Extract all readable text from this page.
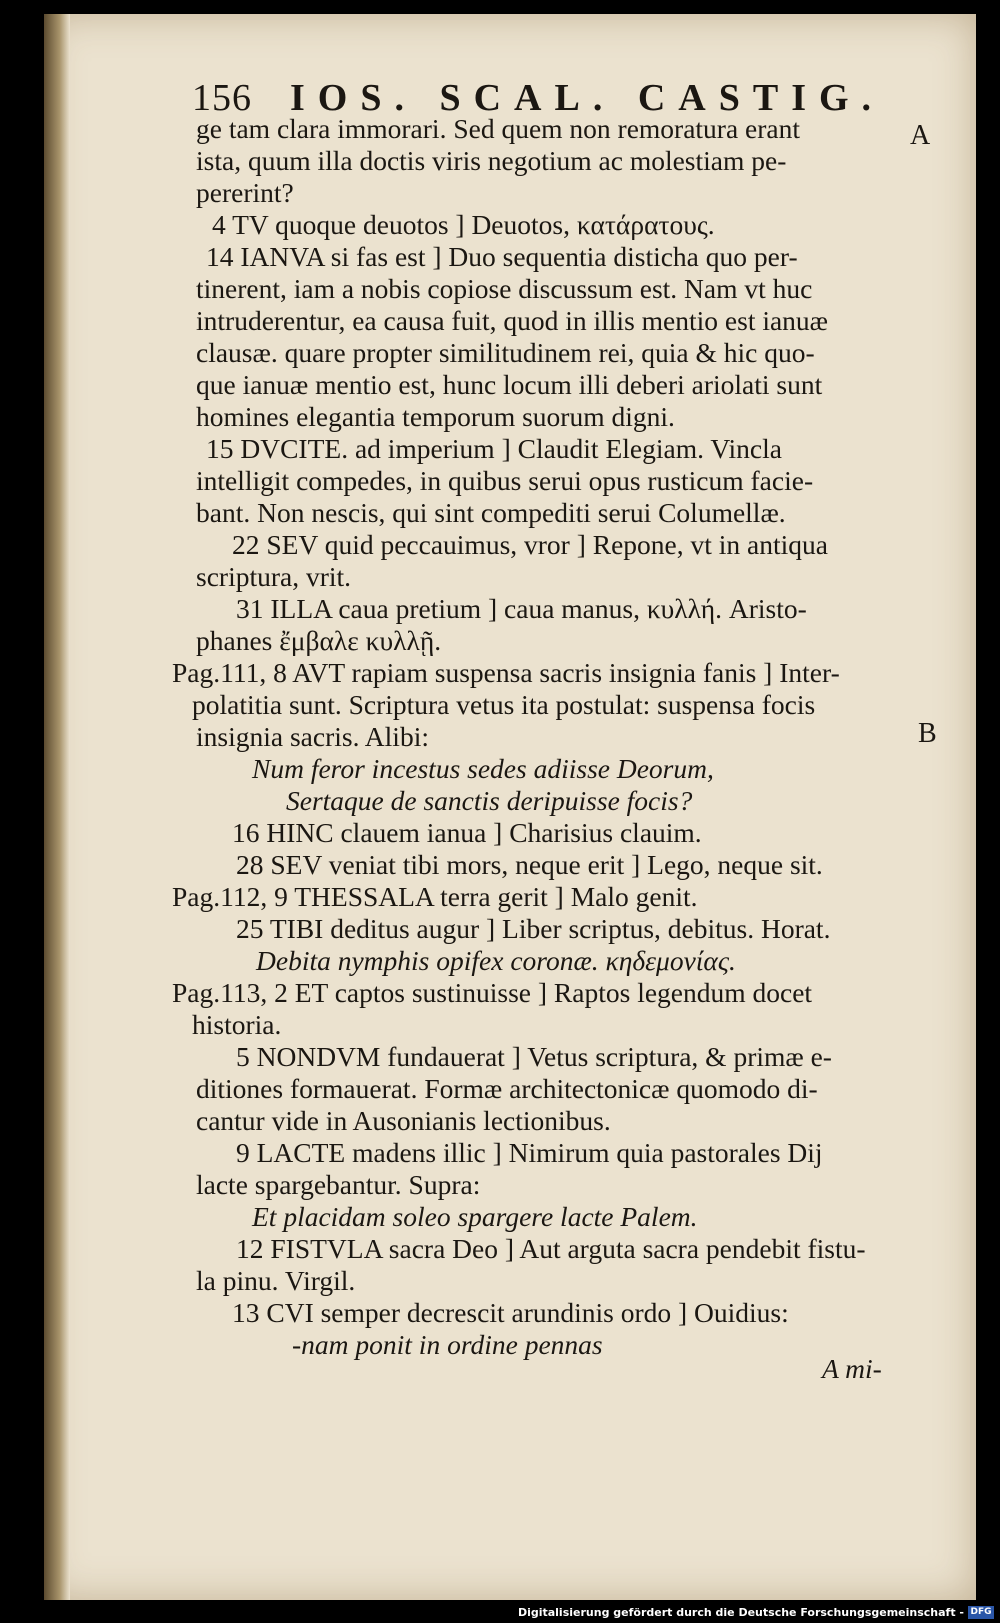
156 IOS. SCAL. CASTIG.
A
B
ge tam clara immorari. Sed quem non remoratura erant
ista, quum illa doctis viris negotium ac molestiam pe-
pererint?
4 TV quoque deuotos ] Deuotos, κατάρατους.
14 IANVA si fas est ] Duo sequentia disticha quo per-
tinerent, iam a nobis copiose discussum est. Nam vt huc
intruderentur, ea causa fuit, quod in illis mentio est ianuæ
clausæ. quare propter similitudinem rei, quia & hic quo-
que ianuæ mentio est, hunc locum illi deberi ariolati sunt
homines elegantia temporum suorum digni.
15 DVCITE. ad imperium ] Claudit Elegiam. Vincla
intelligit compedes, in quibus serui opus rusticum facie-
bant. Non nescis, qui sint compediti serui Columellæ.
22 SEV quid peccauimus, vror ] Repone, vt in antiqua
scriptura, vrit.
31 ILLA caua pretium ] caua manus, κυλλή. Aristo-
phanes ἔμβαλε κυλλῇ.
Pag.111, 8 AVT rapiam suspensa sacris insignia fanis ] Inter-
polatitia sunt. Scriptura vetus ita postulat: suspensa focis
insignia sacris. Alibi:
Num feror incestus sedes adiisse Deorum,
Sertaque de sanctis deripuisse focis?
16 HINC clauem ianua ] Charisius clauim.
28 SEV veniat tibi mors, neque erit ] Lego, neque sit.
Pag.112, 9 THESSALA terra gerit ] Malo genit.
25 TIBI deditus augur ] Liber scriptus, debitus. Horat.
Debita nymphis opifex coronæ. κηδεμονίας.
Pag.113, 2 ET captos sustinuisse ] Raptos legendum docet
historia.
5 NONDVM fundauerat ] Vetus scriptura, & primæ e-
ditiones formauerat. Formæ architectonicæ quomodo di-
cantur vide in Ausonianis lectionibus.
9 LACTE madens illic ] Nimirum quia pastorales Dij
lacte spargebantur. Supra:
Et placidam soleo spargere lacte Palem.
12 FISTVLA sacra Deo ] Aut arguta sacra pendebit fistu-
la pinu. Virgil.
13 CVI semper decrescit arundinis ordo ] Ouidius:
-nam ponit in ordine pennas
A mi-
Digitalisierung gefördert durch die Deutsche Forschungsgemeinschaft - DFG
